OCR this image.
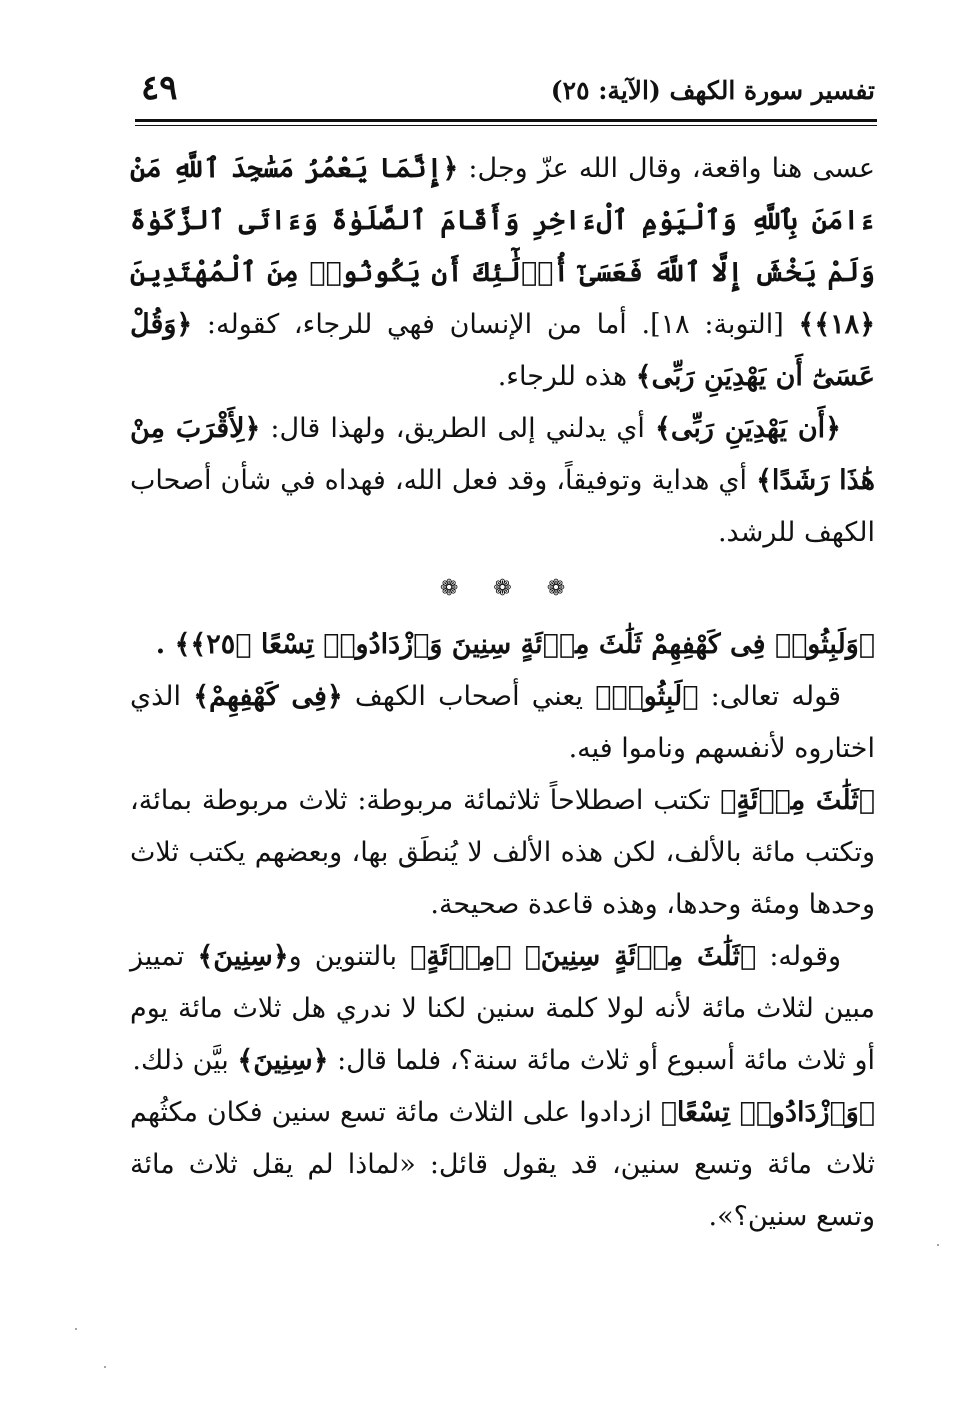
تفسير سورة الكهف (الآية: ٢٥)
٤٩

عسى هنا واقعة، وقال الله عزّ وجل: ﴿إِنَّمَا يَعْمُرُ مَسَٰجِدَ ٱللَّهِ مَنْ ءَامَنَ بِٱللَّهِ وَٱلْيَوْمِ ٱلْءَاخِرِ وَأَقَامَ ٱلصَّلَوٰةَ وَءَاتَى ٱلزَّكَوٰةَ وَلَمْ يَخْشَ إِلَّا ٱللَّهَ فَعَسَىٰٓ أُو۟لَٰٓئِكَ أَن يَكُونُوا۟ مِنَ ٱلْمُهْتَدِينَ ﴿١٨﴾﴾ [التوبة: ١٨]. أما من الإنسان فهي للرجاء، كقوله: ﴿وَقُلْ عَسَىٰٓ أَن يَهْدِيَنِ رَبِّى﴾ هذه للرجاء.

﴿أَن يَهْدِيَنِ رَبِّى﴾ أي يدلني إلى الطريق، ولهذا قال: ﴿لِأَقْرَبَ مِنْ هَٰذَا رَشَدًا﴾ أي هداية وتوفيقاً، وقد فعل الله، فهداه في شأن أصحاب الكهف للرشد.

❁ ❁ ❁

﴿وَلَبِثُوا۟ فِى كَهْفِهِمْ ثَلَٰثَ مِا۟ئَةٍ سِنِينَ وَٱزْدَادُوا۟ تِسْعًا ﴿٢٥﴾﴾ .

قوله تعالى: ﴿لَبِثُوا۟﴾ يعني أصحاب الكهف ﴿فِى كَهْفِهِمْ﴾ الذي اختاروه لأنفسهم وناموا فيه.

﴿ثَلَٰثَ مِا۟ئَةٍ﴾ تكتب اصطلاحاً ثلاثمائة مربوطة: ثلاث مربوطة بمائة، وتكتب مائة بالألف، لكن هذه الألف لا يُنطَق بها، وبعضهم يكتب ثلاث وحدها ومئة وحدها، وهذه قاعدة صحيحة.

وقوله: ﴿ثَلَٰثَ مِا۟ئَةٍ سِنِينَ﴾ ﴿مِا۟ئَةٍ﴾ بالتنوين و﴿سِنِينَ﴾ تمييز مبين لثلاث مائة لأنه لولا كلمة سنين لكنا لا ندري هل ثلاث مائة يوم أو ثلاث مائة أسبوع أو ثلاث مائة سنة؟، فلما قال: ﴿سِنِينَ﴾ بيَّن ذلك.

﴿وَٱزْدَادُوا۟ تِسْعًا﴾ ازدادوا على الثلاث مائة تسع سنين فكان مكثُهم ثلاث مائة وتسع سنين، قد يقول قائل: «لماذا لم يقل ثلاث مائة وتسع سنين؟».
